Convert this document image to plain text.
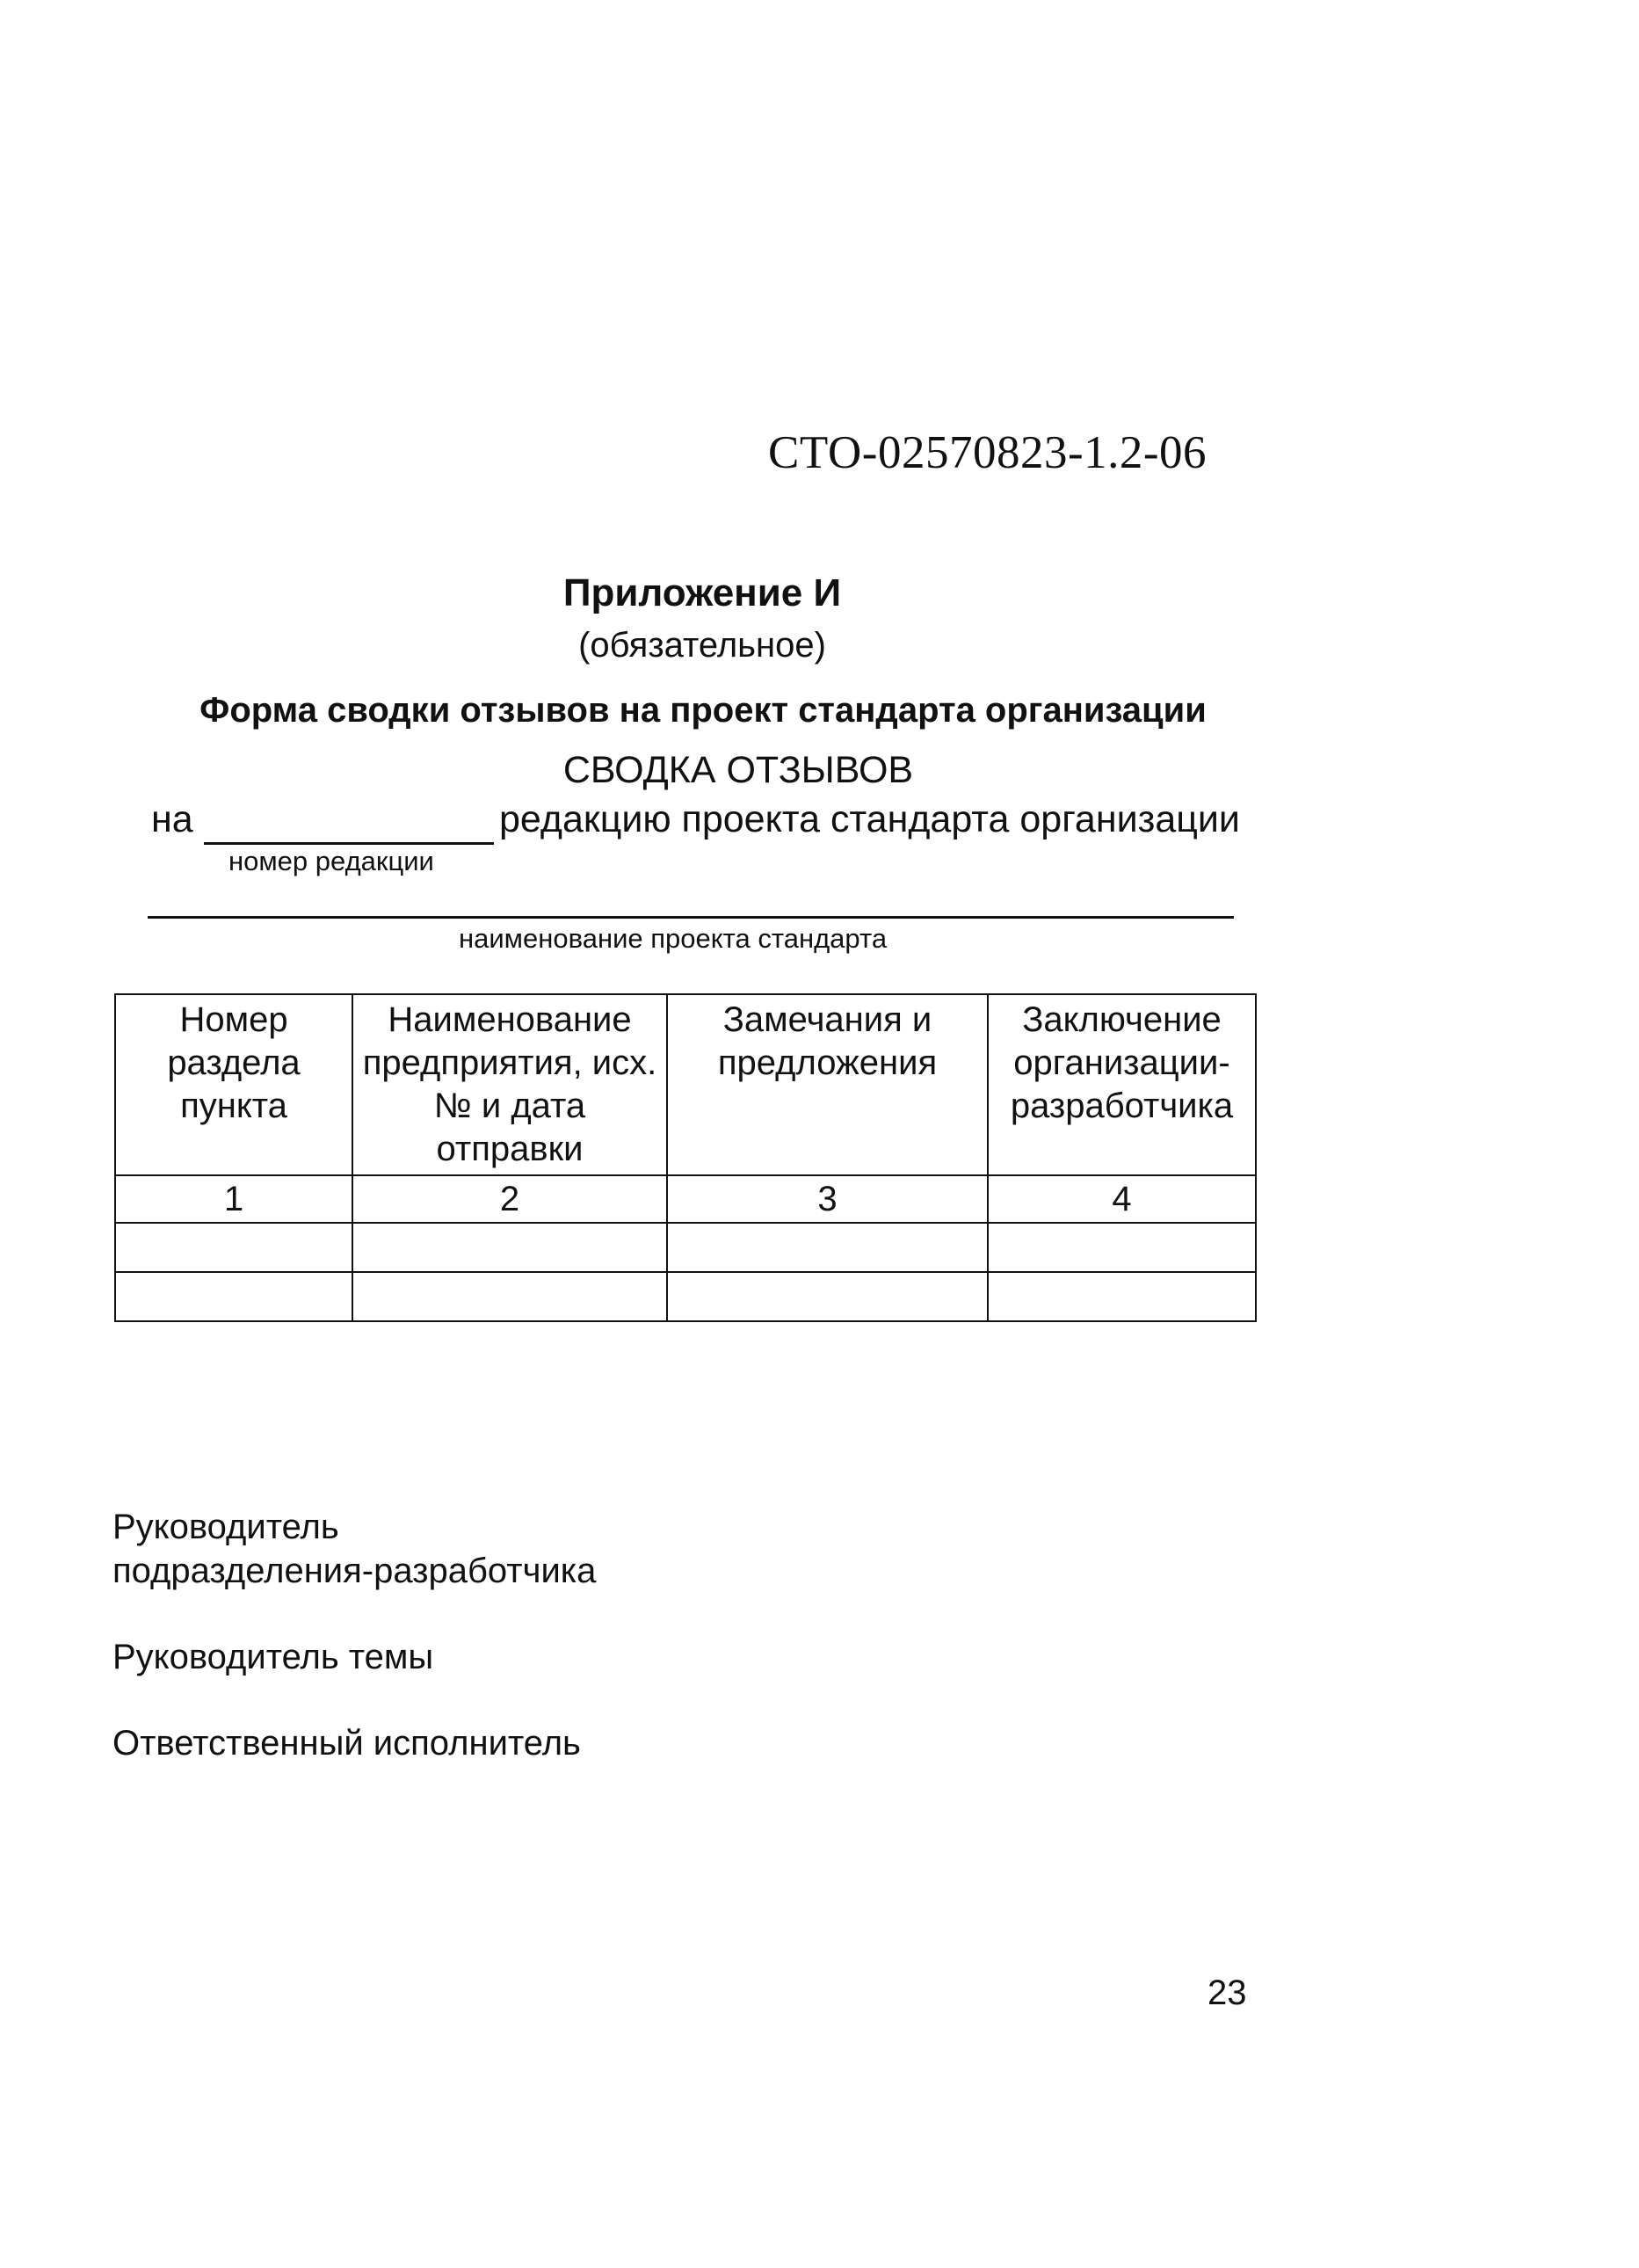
СТО-02570823-1.2-06
Приложение И
(обязательное)
Форма сводки отзывов на проект стандарта организации
СВОДКА ОТЗЫВОВ
на	редакцию проекта стандарта организации
номер редакции
наименование проекта стандарта
Номер раздела пункта	Наименование предприятия, исх. № и дата отправки	Замечания и предложения	Заключение организации-разработчика
1	2	3	4

Руководитель
подразделения-разработчика
Руководитель темы
Ответственный исполнитель
23
